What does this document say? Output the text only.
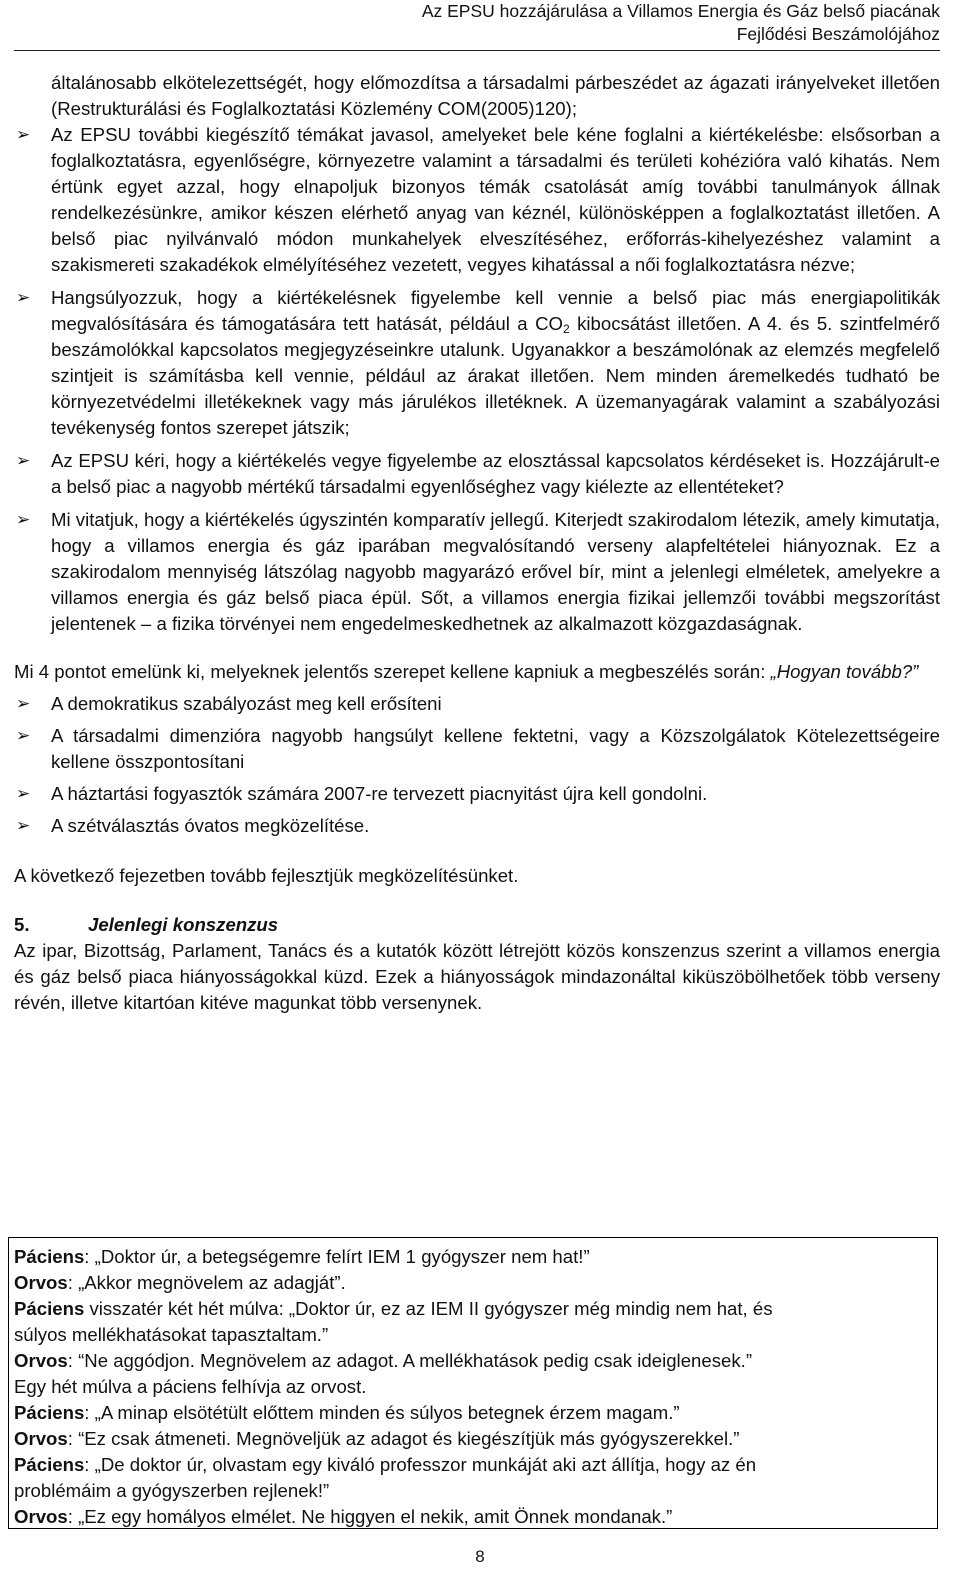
Az EPSU hozzájárulása a Villamos Energia és Gáz belső piacának
Fejlődési Beszámolójához
általánosabb elkötelezettségét, hogy előmozdítsa a társadalmi párbeszédet az ágazati irányelveket illetően (Restrukturálási és Foglalkoztatási Közlemény COM(2005)120);
➢ Az EPSU további kiegészítő témákat javasol, amelyeket bele kéne foglalni a kiértékelésbe: elsősorban a foglalkoztatásra, egyenlőségre, környezetre valamint a társadalmi és területi kohézióra való kihatás. Nem értünk egyet azzal, hogy elnapoljuk bizonyos témák csatolását amíg további tanulmányok állnak rendelkezésünkre, amikor készen elérhető anyag van kéznél, különösképpen a foglalkoztatást illetően. A belső piac nyilvánvaló módon munkahelyek elveszítéséhez, erőforrás-kihelyezéshez valamint a szakismereti szakadékok elmélyítéséhez vezetett, vegyes kihatással a női foglalkoztatásra nézve;
➢ Hangsúlyozzuk, hogy a kiértékelésnek figyelembe kell vennie a belső piac más energiapolitikák megvalósítására és támogatására tett hatását, például a $CO_2$ kibocsátást illetően. A 4. és 5. szintfelmérő beszámolókkal kapcsolatos megjegyzéseinkre utalunk. Ugyanakkor a beszámolónak az elemzés megfelelő szintjeit is számításba kell vennie, például az árakat illetően. Nem minden áremelkedés tudható be környezetvédelmi illetékeknek vagy más járulékos illetéknek. A üzemanyagárak valamint a szabályozási tevékenység fontos szerepet játszik;
➢ Az EPSU kéri, hogy a kiértékelés vegye figyelembe az elosztással kapcsolatos kérdéseket is. Hozzájárult-e a belső piac a nagyobb mértékű társadalmi egyenlőséghez vagy kiélezte az ellentéteket?
➢ Mi vitatjuk, hogy a kiértékelés úgyszintén komparatív jellegű. Kiterjedt szakirodalom létezik, amely kimutatja, hogy a villamos energia és gáz iparában megvalósítandó verseny alapfeltételei hiányoznak. Ez a szakirodalom mennyiség látszólag nagyobb magyarázó erővel bír, mint a jelenlegi elméletek, amelyekre a villamos energia és gáz belső piaca épül. Sőt, a villamos energia fizikai jellemzői további megszorítást jelentenek – a fizika törvényei nem engedelmeskedhetnek az alkalmazott közgazdaságnak.

Mi 4 pontot emelünk ki, melyeknek jelentős szerepet kellene kapniuk a megbeszélés során: „Hogyan tovább?”

➢ A demokratikus szabályozást meg kell erősíteni
➢ A társadalmi dimenzióra nagyobb hangsúlyt kellene fektetni, vagy a Közszolgálatok Kötelezettségeire kellene összpontosítani
➢ A háztartási fogyasztók számára 2007-re tervezett piacnyitást újra kell gondolni.
➢ A szétválasztás óvatos megközelítése.

A következő fejezetben tovább fejlesztjük megközelítésünket.

5.	Jelenlegi konszenzus

Az ipar, Bizottság, Parlament, Tanács és a kutatók között létrejött közös konszenzus szerint a villamos energia és gáz belső piaca hiányosságokkal küzd. Ezek a hiányosságok mindazonáltal kiküszöbölhetőek több verseny révén, illetve kitartóan kitéve magunkat több versenynek.

Páciens: „Doktor úr, a betegségemre felírt IEM 1 gyógyszer nem hat!”
Orvos: „Akkor megnövelem az adagját”.
Páciens visszatér két hét múlva: „Doktor úr, ez az IEM II gyógyszer még mindig nem hat, és
súlyos mellékhatásokat tapasztaltam.”
Orvos: “Ne aggódjon. Megnövelem az adagot. A mellékhatások pedig csak ideiglenesek.”
Egy hét múlva a páciens felhívja az orvost.
Páciens: „A minap elsötétült előttem minden és súlyos betegnek érzem magam.”
Orvos: “Ez csak átmeneti. Megnöveljük az adagot és kiegészítjük más gyógyszerekkel.”
Páciens: „De doktor úr, olvastam egy kiváló professzor munkáját aki azt állítja, hogy az én
problémáim a gyógyszerben rejlenek!”
Orvos: „Ez egy homályos elmélet. Ne higgyen el nekik, amit Önnek mondanak.”
8
